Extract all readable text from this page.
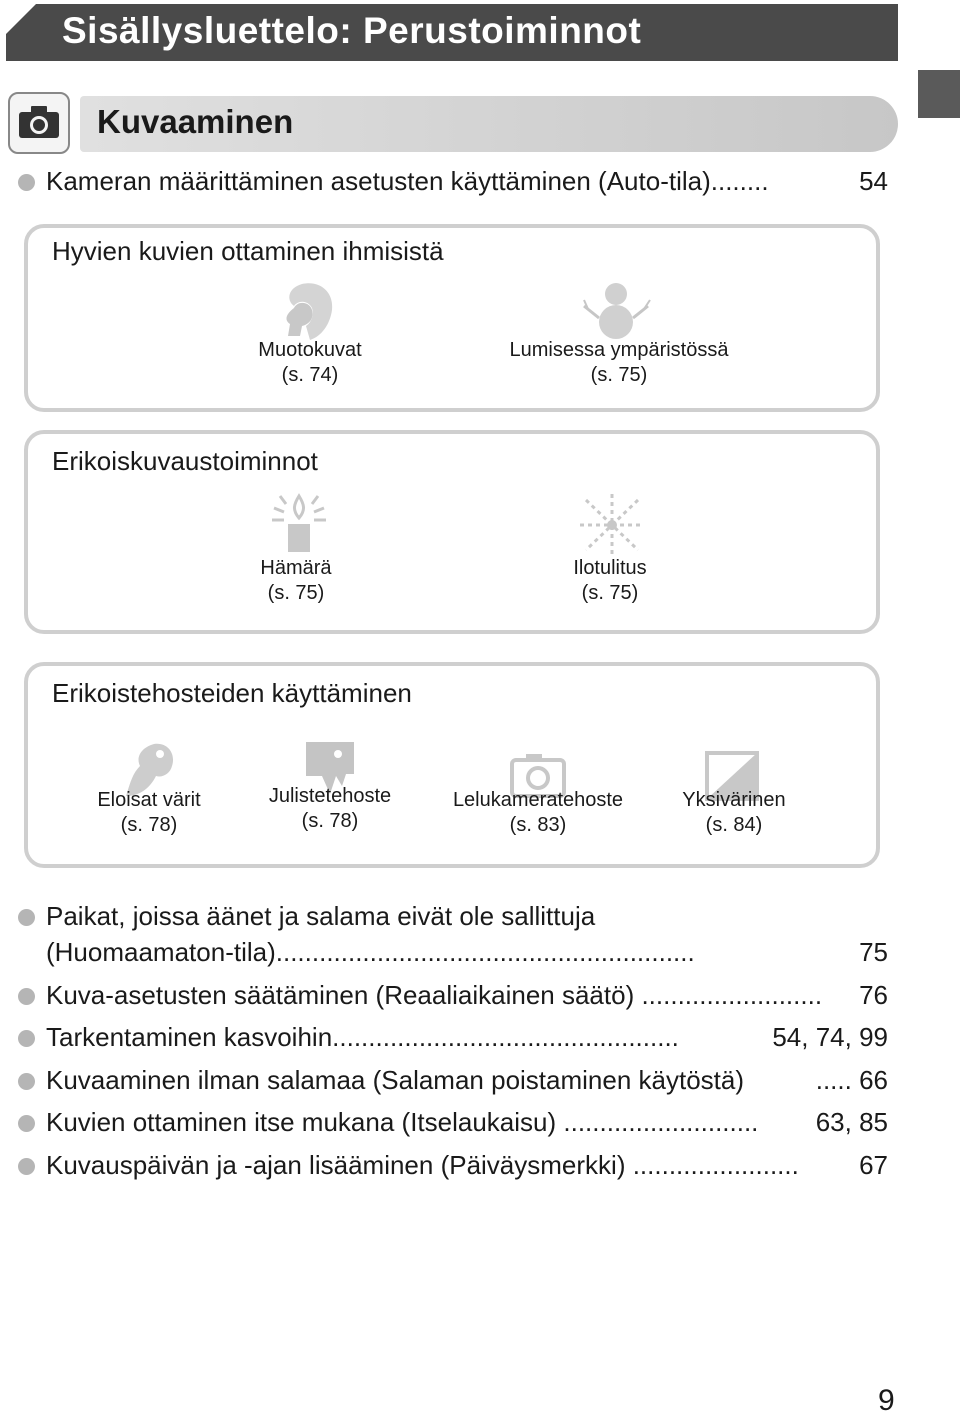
Sisällysluettelo: Perustoiminnot
Kuvaaminen
Kameran määrittäminen asetusten käyttäminen (Auto-tila)........	54
Hyvien kuvien ottaminen ihmisistä
Muotokuvat
(s. 74)
Lumisessa ympäristössä
(s. 75)
Erikoiskuvaustoiminnot
Hämärä
(s. 75)
Ilotulitus
(s. 75)
Erikoistehosteiden käyttäminen
Eloisat värit
(s. 78)
Julistetehoste
(s. 78)
Lelukameratehoste
(s. 83)
Yksivärinen
(s. 84)
Paikat, joissa äänet ja salama eivät ole sallittuja
(Huomaamaton-tila)..........................................................	75
Kuva-asetusten säätäminen (Reaaliaikainen säätö) ......................... 76
Tarkentaminen kasvoihin................................................	54, 74, 99
Kuvaaminen ilman salamaa (Salaman poistaminen käytöstä)	..... 66
Kuvien ottaminen itse mukana (Itselaukaisu) ........................... 63, 85
Kuvauspäivän ja -ajan lisääminen (Päiväysmerkki) ....................... 67
9
